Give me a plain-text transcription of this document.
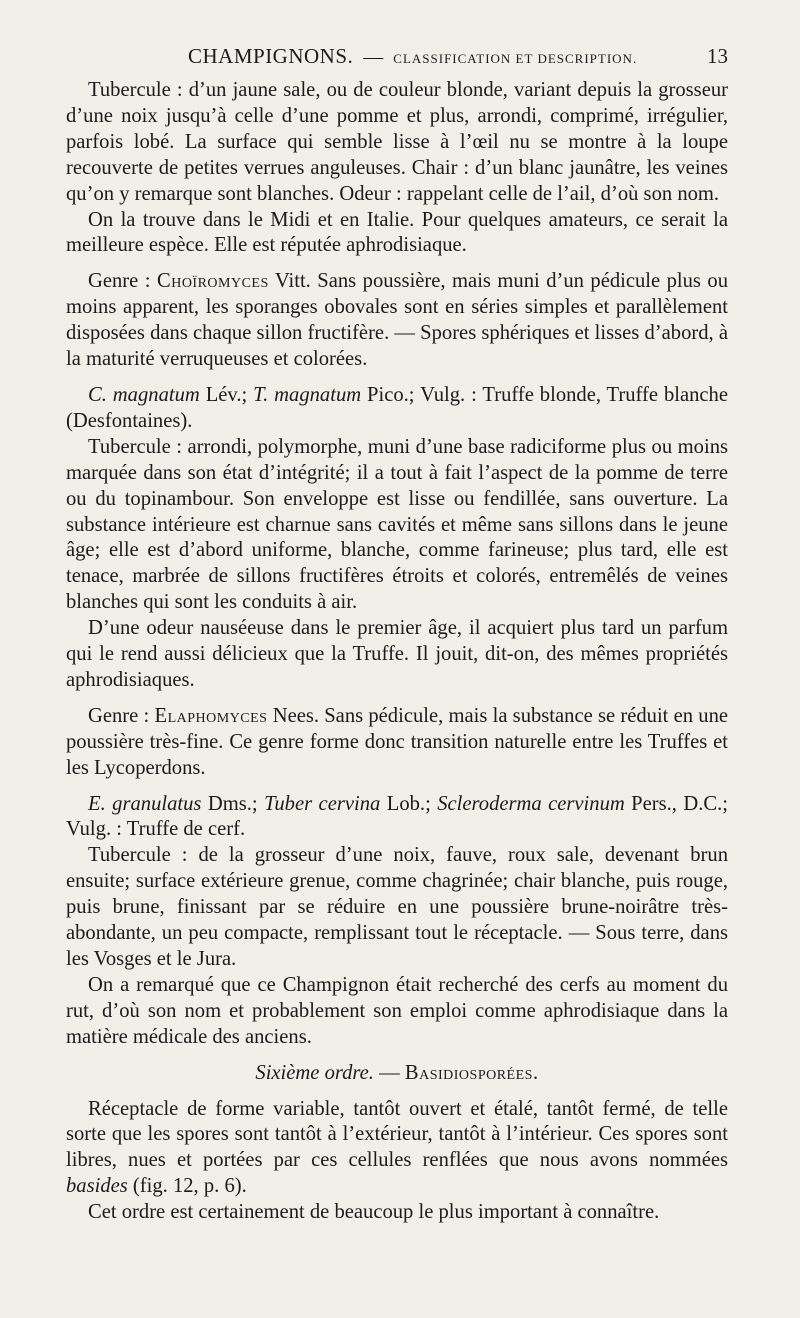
CHAMPIGNONS. — CLASSIFICATION ET DESCRIPTION.	13

Tubercule : d’un jaune sale, ou de couleur blonde, variant depuis la grosseur d’une noix jusqu’à celle d’une pomme et plus, arrondi, comprimé, irrégulier, parfois lobé. La surface qui semble lisse à l’œil nu se montre à la loupe recouverte de petites verrues anguleuses. Chair : d’un blanc jaunâtre, les veines qu’on y remarque sont blanches. Odeur : rappelant celle de l’ail, d’où son nom.

On la trouve dans le Midi et en Italie. Pour quelques amateurs, ce serait la meilleure espèce. Elle est réputée aphrodisiaque.

Genre : Choïromyces Vitt. Sans poussière, mais muni d’un pédicule plus ou moins apparent, les sporanges obovales sont en séries simples et parallèlement disposées dans chaque sillon fructifère. — Spores sphériques et lisses d’abord, à la maturité verruqueuses et colorées.

C. magnatum Lév.; T. magnatum Pico.; Vulg. : Truffe blonde, Truffe blanche (Desfontaines).

Tubercule : arrondi, polymorphe, muni d’une base radiciforme plus ou moins marquée dans son état d’intégrité; il a tout à fait l’aspect de la pomme de terre ou du topinambour. Son enveloppe est lisse ou fendillée, sans ouverture. La substance intérieure est charnue sans cavités et même sans sillons dans le jeune âge; elle est d’abord uniforme, blanche, comme farineuse; plus tard, elle est tenace, marbrée de sillons fructifères étroits et colorés, entremêlés de veines blanches qui sont les conduits à air.

D’une odeur nauséeuse dans le premier âge, il acquiert plus tard un parfum qui le rend aussi délicieux que la Truffe. Il jouit, dit-on, des mêmes propriétés aphrodisiaques.

Genre : Elaphomyces Nees. Sans pédicule, mais la substance se réduit en une poussière très-fine. Ce genre forme donc transition naturelle entre les Truffes et les Lycoperdons.

E. granulatus Dms.; Tuber cervina Lob.; Scleroderma cervinum Pers., D.C.; Vulg. : Truffe de cerf.

Tubercule : de la grosseur d’une noix, fauve, roux sale, devenant brun ensuite; surface extérieure grenue, comme chagrinée; chair blanche, puis rouge, puis brune, finissant par se réduire en une poussière brune-noirâtre très-abondante, un peu compacte, remplissant tout le réceptacle. — Sous terre, dans les Vosges et le Jura.

On a remarqué que ce Champignon était recherché des cerfs au moment du rut, d’où son nom et probablement son emploi comme aphrodisiaque dans la matière médicale des anciens.

Sixième ordre. — Basidiosporées.

Réceptacle de forme variable, tantôt ouvert et étalé, tantôt fermé, de telle sorte que les spores sont tantôt à l’extérieur, tantôt à l’intérieur. Ces spores sont libres, nues et portées par ces cellules renflées que nous avons nommées basides (fig. 12, p. 6).

Cet ordre est certainement de beaucoup le plus important à connaître.
